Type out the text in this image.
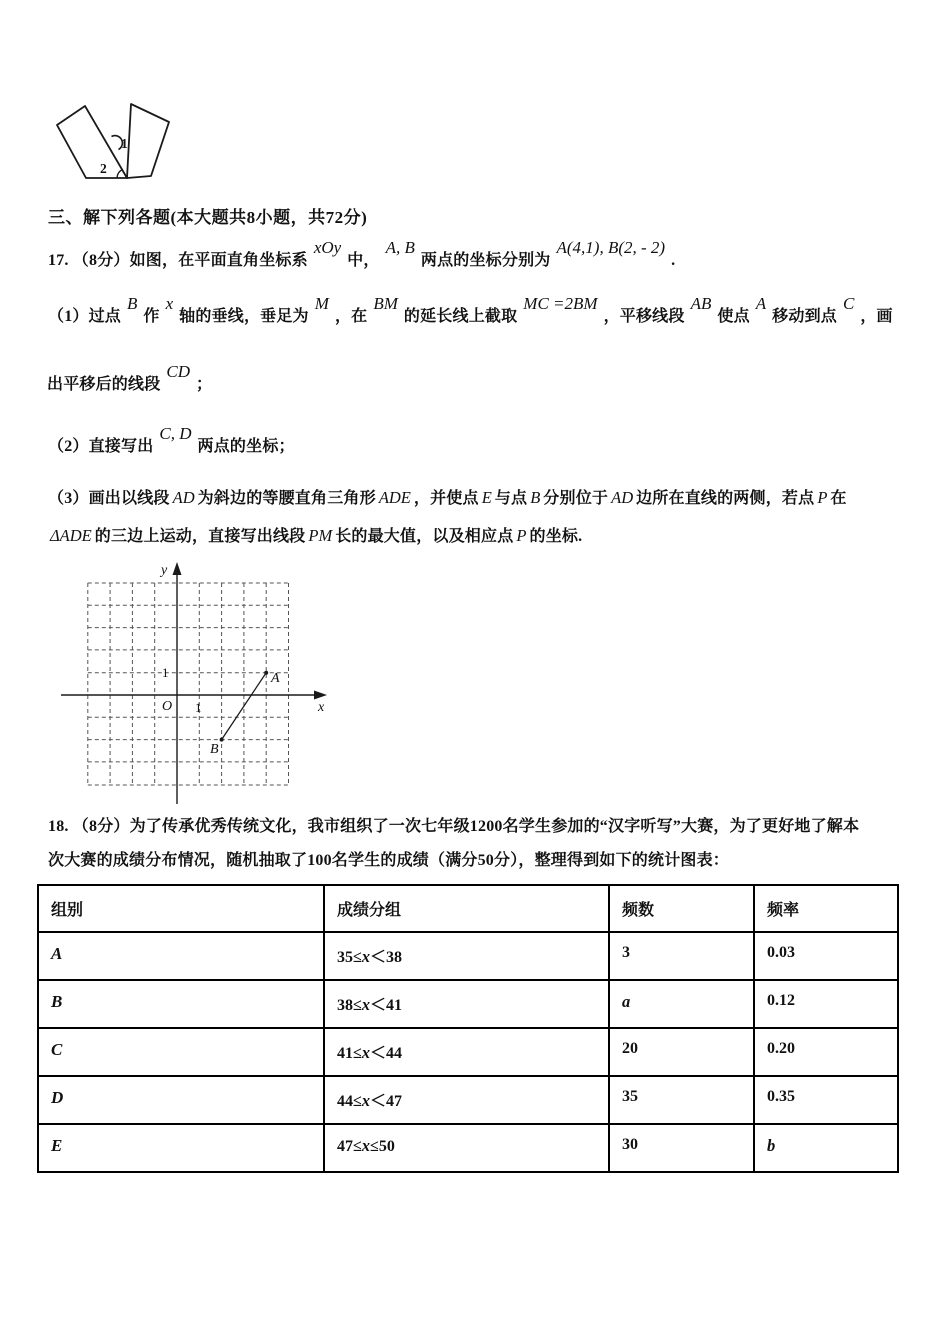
1
2
三、解下列各题(本大题共8小题，共72分)
17. （8分）如图，在平面直角坐标系xOy中，A, B两点的坐标分别为A(4,1), B(2, - 2).
（1）过点B作x轴的垂线，垂足为M，在BM的延长线上截取MC =2BM，平移线段AB使点A移动到点C，画
出平移后的线段CD；
（2）直接写出C, D两点的坐标；
（3）画出以线段 AD 为斜边的等腰直角三角形 ADE ，并使点 E 与点 B 分别位于 AD 边所在直线的两侧，若点 P 在
ΔADE 的三边上运动，直接写出线段 PM 长的最大值，以及相应点 P 的坐标.
y
x
O
1
1
A
B
18. （8分）为了传承优秀传统文化，我市组织了一次七年级1200名学生参加的“汉字听写”大赛，为了更好地了解本
次大赛的成绩分布情况，随机抽取了100名学生的成绩（满分50分），整理得到如下的统计图表：
组别	成绩分组	频数	频率
A	35≤x＜38	3	0.03
B	38≤x＜41	a	0.12
C	41≤x＜44	20	0.20
D	44≤x＜47	35	0.35
E	47≤x≤50	30	b
